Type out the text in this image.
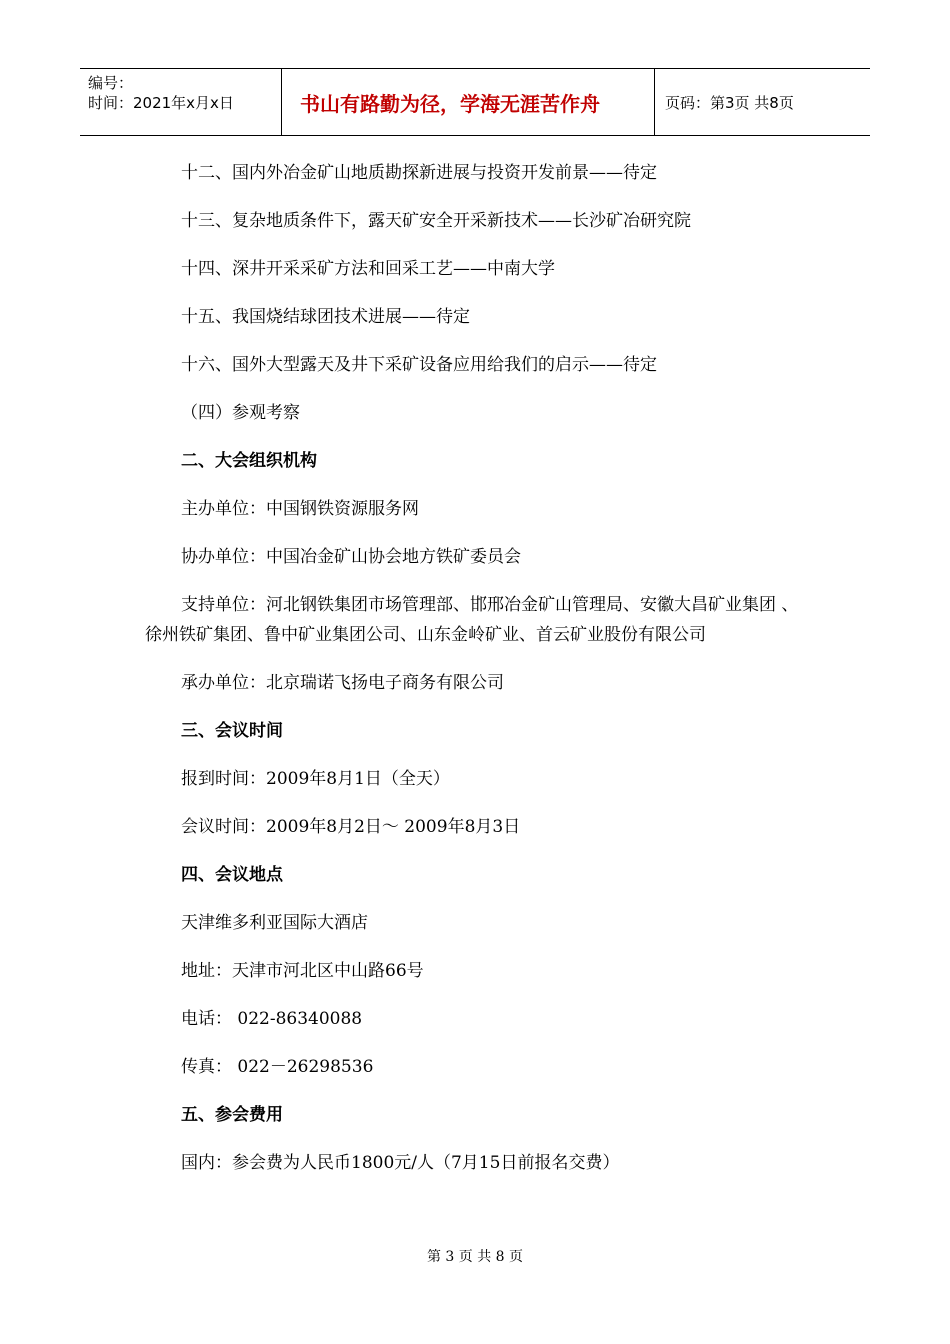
编号：
时间：2021年x月x日	书山有路勤为径，学海无涯苦作舟	页码：第3页 共8页

十二、国内外冶金矿山地质勘探新进展与投资开发前景——待定

十三、复杂地质条件下，露天矿安全开采新技术——长沙矿冶研究院

十四、深井开采采矿方法和回采工艺——中南大学

十五、我国烧结球团技术进展——待定

十六、国外大型露天及井下采矿设备应用给我们的启示——待定

（四）参观考察

二、大会组织机构

主办单位：中国钢铁资源服务网

协办单位：中国冶金矿山协会地方铁矿委员会

支持单位：河北钢铁集团市场管理部、邯邢冶金矿山管理局、安徽大昌矿业集团 、徐州铁矿集团、鲁中矿业集团公司、山东金岭矿业、首云矿业股份有限公司

承办单位：北京瑞诺飞扬电子商务有限公司

三、会议时间

报到时间：2009年8月1日（全天）

会议时间：2009年8月2日～ 2009年8月3日

四、会议地点

天津维多利亚国际大酒店

地址：天津市河北区中山路66号

电话： 022-86340088

传真： 022－26298536

五、参会费用

国内：参会费为人民币1800元/人（7月15日前报名交费）

第 3 页 共 8 页
